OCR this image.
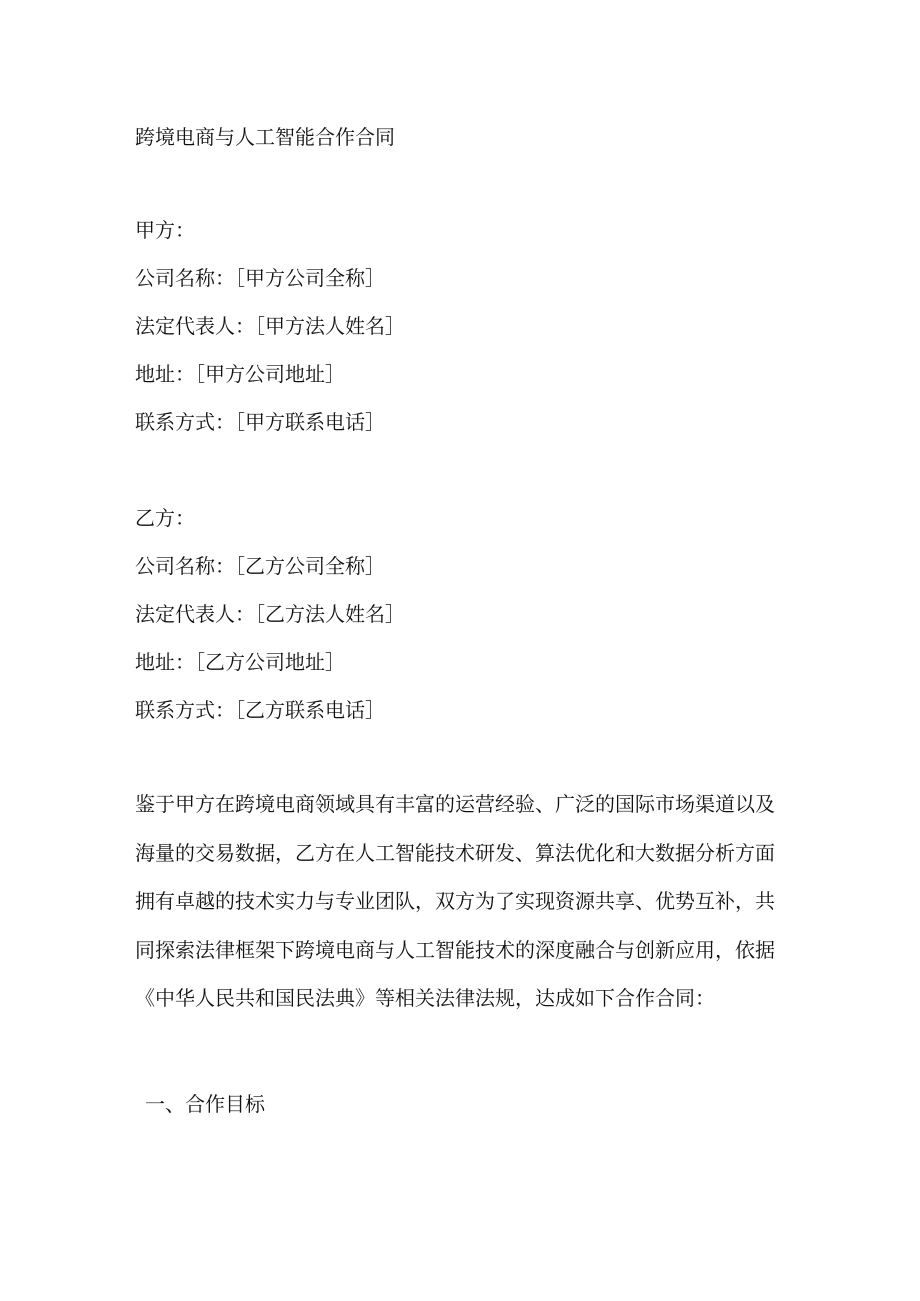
跨境电商与人工智能合作合同

甲方：

公司名称：［甲方公司全称］

法定代表人：［甲方法人姓名］

地址：［甲方公司地址］

联系方式：［甲方联系电话］

乙方：

公司名称：［乙方公司全称］

法定代表人：［乙方法人姓名］

地址：［乙方公司地址］

联系方式：［乙方联系电话］

鉴于甲方在跨境电商领域具有丰富的运营经验、广泛的国际市场渠道以及
海量的交易数据，乙方在人工智能技术研发、算法优化和大数据分析方面
拥有卓越的技术实力与专业团队，双方为了实现资源共享、优势互补，共
同探索法律框架下跨境电商与人工智能技术的深度融合与创新应用，依据
《中华人民共和国民法典》等相关法律法规，达成如下合作合同：
一、合作目标
